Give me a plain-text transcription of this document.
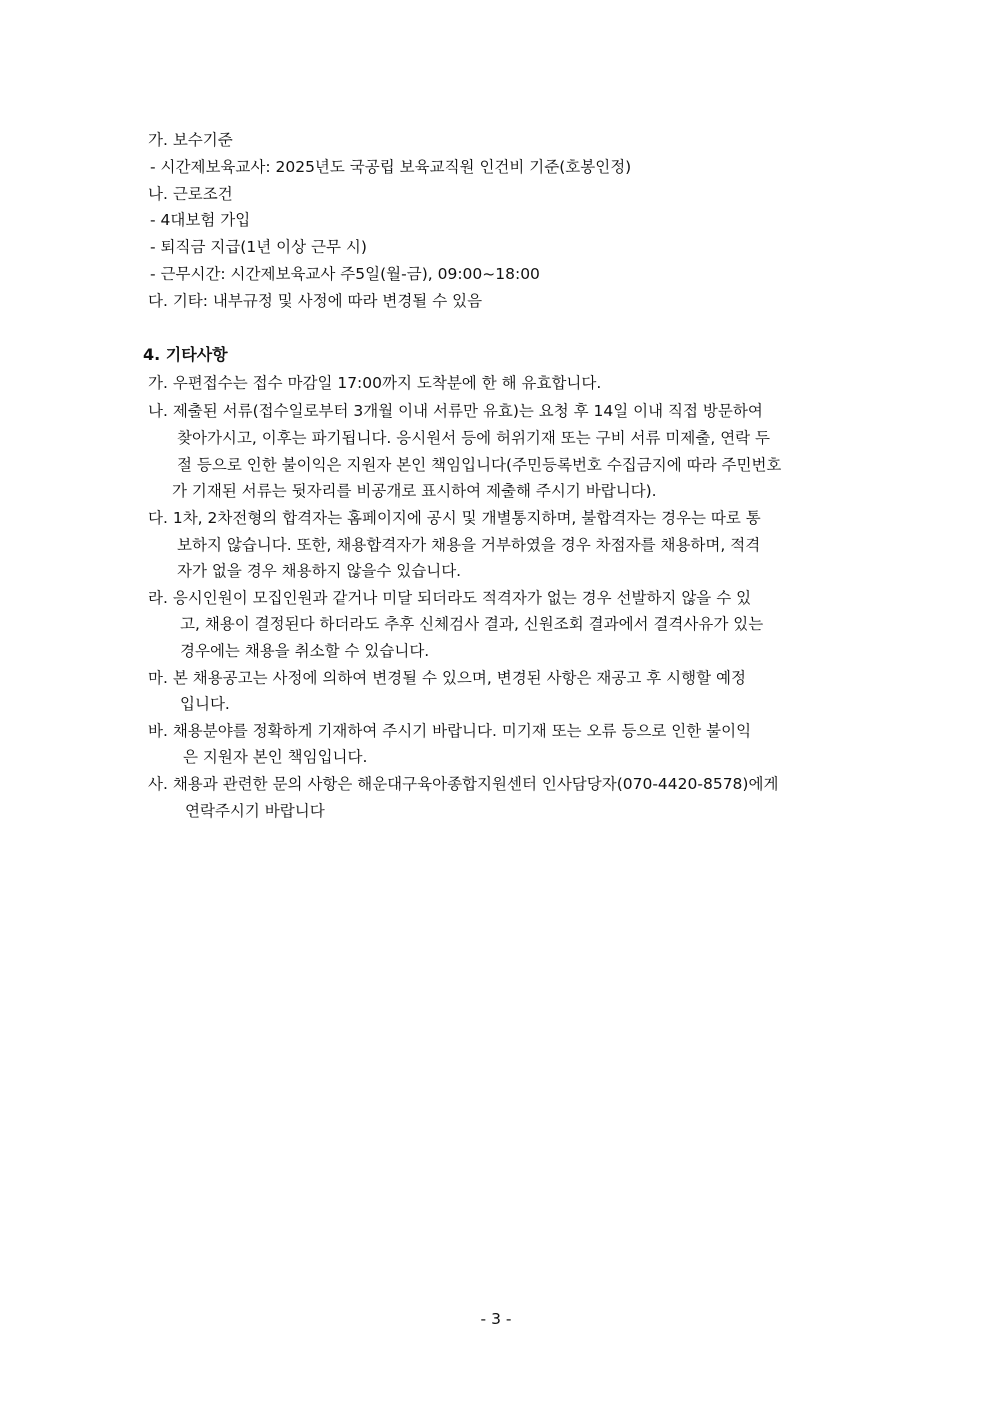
가. 보수기준
- 시간제보육교사: 2025년도 국공립 보육교직원 인건비 기준(호봉인정)
나. 근로조건
- 4대보험 가입
- 퇴직금 지급(1년 이상 근무 시)
- 근무시간: 시간제보육교사 주5일(월-금), 09:00~18:00
다. 기타: 내부규정 및 사정에 따라 변경될 수 있음
4. 기타사항
가. 우편접수는 접수 마감일 17:00까지 도착분에 한 해 유효합니다.
나. 제출된 서류(접수일로부터 3개월 이내 서류만 유효)는 요청 후 14일 이내 직접 방문하여
찾아가시고, 이후는 파기됩니다. 응시원서 등에 허위기재 또는 구비 서류 미제출, 연락 두
절 등으로 인한 불이익은 지원자 본인 책임입니다(주민등록번호 수집금지에 따라 주민번호
가 기재된 서류는 뒷자리를 비공개로 표시하여 제출해 주시기 바랍니다).
다. 1차, 2차전형의 합격자는 홈페이지에 공시 및 개별통지하며, 불합격자는 경우는 따로 통
보하지 않습니다. 또한, 채용합격자가 채용을 거부하였을 경우 차점자를 채용하며, 적격
자가 없을 경우 채용하지 않을수 있습니다.
라. 응시인원이 모집인원과 같거나 미달 되더라도 적격자가 없는 경우 선발하지 않을 수 있
고, 채용이 결정된다 하더라도 추후 신체검사 결과, 신원조회 결과에서 결격사유가 있는
경우에는 채용을 취소할 수 있습니다.
마. 본 채용공고는 사정에 의하여 변경될 수 있으며, 변경된 사항은 재공고 후 시행할 예정
입니다.
바. 채용분야를 정확하게 기재하여 주시기 바랍니다. 미기재 또는 오류 등으로 인한 불이익
은 지원자 본인 책임입니다.
사. 채용과 관련한 문의 사항은 해운대구육아종합지원센터 인사담당자(070-4420-8578)에게
연락주시기 바랍니다
- 3 -
